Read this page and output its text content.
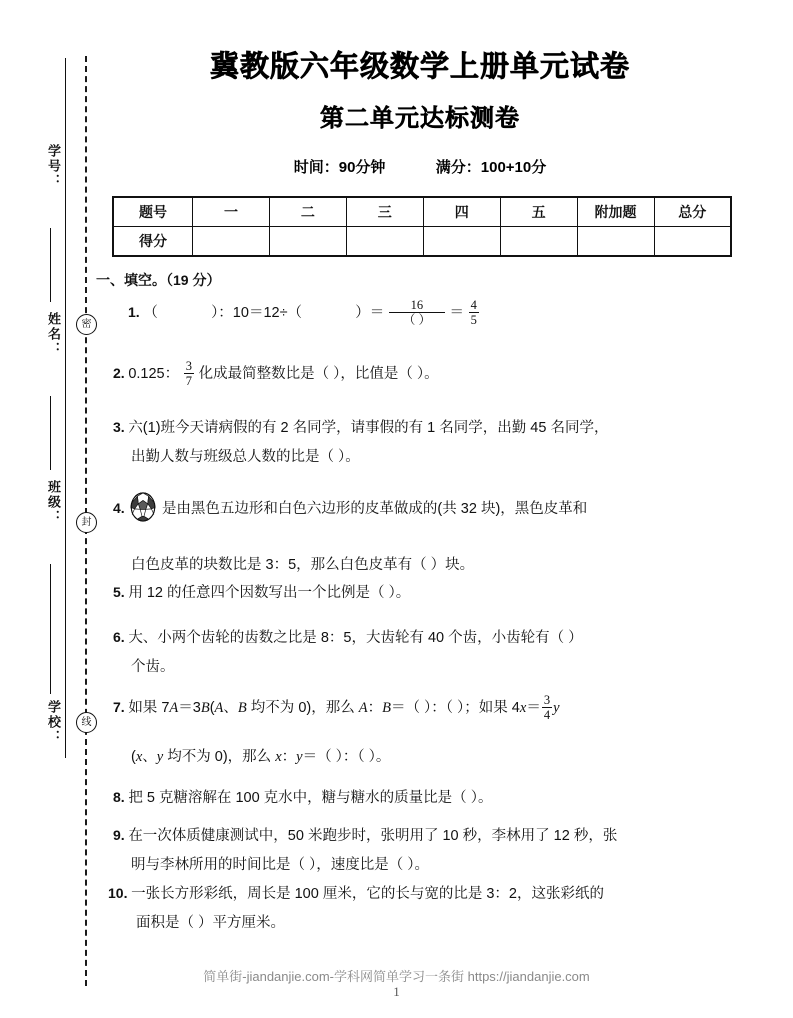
学号：
姓名：
班级：
学校：
密
封
线
冀教版六年级数学上册单元试卷
第二单元达标测卷
时间：90分钟	满分：100+10分
题号	一	二	三	四	五	附加题	总分
得分							
一、填空。（19 分）
1. （	）：10＝12÷（	）＝ $\frac{16}{( )} = \frac{4}{5}$
2. 0.125： $\frac{3}{7}$ 化成最简整数比是（ ），比值是（ ）。
3. 六(1)班今天请病假的有 2 名同学，请事假的有 1 名同学，出勤 45 名同学，
出勤人数与班级总人数的比是（ ）。
4.	是由黑色五边形和白色六边形的皮革做成的(共 32 块)，黑色皮革和
白色皮革的块数比是 3：5，那么白色皮革有（ ）块。
5. 用 12 的任意四个因数写出一个比例是（ ）。
6. 大、小两个齿轮的齿数之比是 8：5，大齿轮有 40 个齿，小齿轮有（ ）
个齿。
7. 如果 7A＝3B(A、B 均不为 0)，那么 A：B＝（ ）：（ ）；如果 $4x= \frac{3}{4}$ y
(x、y 均不为 0)，那么 x：y＝（ ）：（ ）。
8. 把 5 克糖溶解在 100 克水中，糖与糖水的质量比是（ ）。
9. 在一次体质健康测试中，50 米跑步时，张明用了 10 秒，李林用了 12 秒，张
明与李林所用的时间比是（ ），速度比是（ ）。
10. 一张长方形彩纸，周长是 100 厘米，它的长与宽的比是 3：2，这张彩纸的
面积是（ ）平方厘米。
简单街-jiandanjie.com-学科网简单学习一条街 https://jiandanjie.com
1
